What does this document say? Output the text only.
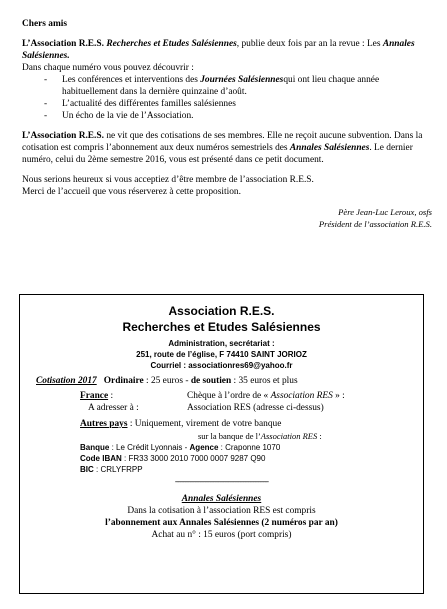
Chers amis

L’Association R.E.S. Recherches et Etudes Salésiennes, publie deux fois par an la revue : Les Annales Salésiennes.

Dans chaque numéro vous pouvez découvrir :

- Les conférences et interventions des Journées Salésiennesqui ont lieu chaque année habituellement dans la dernière quinzaine d’août.
- L’actualité des différentes familles salésiennes
- Un écho de la vie de l’Association.

L’Association R.E.S. ne vit que des cotisations de ses membres. Elle ne reçoit aucune subvention. Dans la cotisation est compris l’abonnement aux deux numéros semestriels des Annales Salésiennes. Le dernier numéro, celui du 2ème semestre 2016, vous est présenté dans ce petit document.

Nous serions heureux si vous acceptiez d’être membre de l’association R.E.S.

Merci de l’accueil que vous réserverez à cette proposition.

Père Jean-Luc Leroux, osfs

Président de l’association R.E.S.

Association R.E.S.
Recherches et Etudes Salésiennes
Administration, secrétariat :
251, route de l’église, F 74410 SAINT JORIOZ
Courriel : associationres69@yahoo.fr
Cotisation 2017 Ordinaire : 25 euros - de soutien : 35 euros et plus
France :	Chèque à l’ordre de « Association RES » :
A adresser à :	Association RES (adresse ci-dessus)
Autres pays : Uniquement, virement de votre banque
sur la banque de l’Association RES :
Banque : Le Crédit Lyonnais - Agence : Craponne 1070
Code IBAN : FR33 3000 2010 7000 0007 9287 Q90
BIC : CRLYFRPP
--------------------------------------------------------
Annales Salésiennes
Dans la cotisation à l’association RES est compris
l’abonnement aux Annales Salésiennes (2 numéros par an)
Achat au n° : 15 euros (port compris)
